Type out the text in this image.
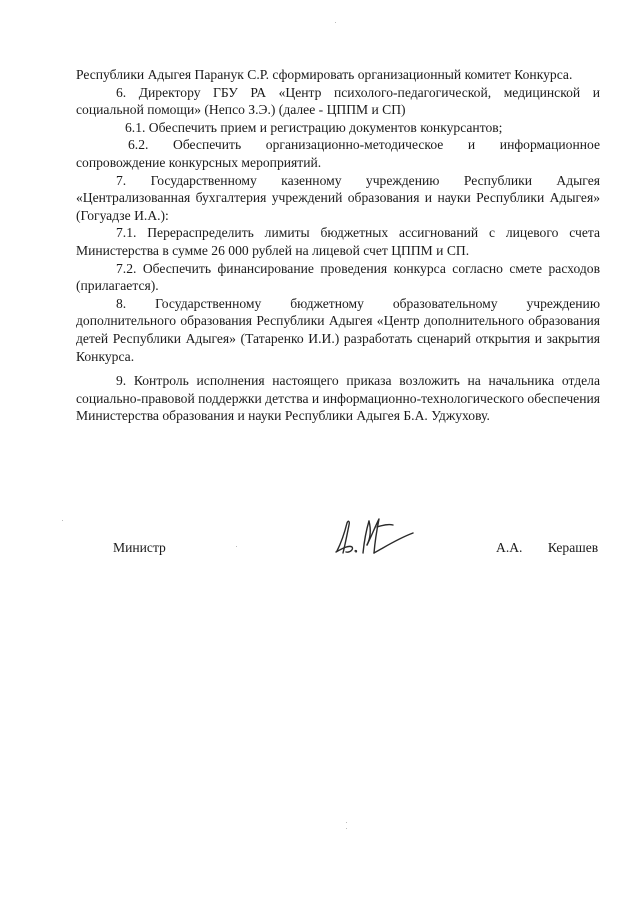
Республики Адыгея Паранук С.Р. сформировать организационный комитет Конкурса.

6. Директору ГБУ РА «Центр психолого-педагогической, медицинской и социальной помощи» (Непсо З.Э.) (далее - ЦППМ и СП)

6.1. Обеспечить прием и регистрацию документов конкурсантов;

6.2. Обеспечить организационно-методическое и информационное сопровождение конкурсных мероприятий.

7. Государственному казенному учреждению Республики Адыгея «Централизованная бухгалтерия учреждений образования и науки Республики Адыгея» (Гогуадзе И.А.):

7.1. Перераспределить лимиты бюджетных ассигнований с лицевого счета Министерства в сумме 26 000 рублей на лицевой счет ЦППМ и СП.

7.2. Обеспечить финансирование проведения конкурса согласно смете расходов (прилагается).

8. Государственному бюджетному образовательному учреждению дополнительного образования Республики Адыгея «Центр дополнительного образования детей Республики Адыгея» (Татаренко И.И.) разработать сценарий открытия и закрытия Конкурса.

9. Контроль исполнения настоящего приказа возложить на начальника отдела социально-правовой поддержки детства и информационно-технологического обеспечения Министерства образования и науки Республики Адыгея Б.А. Уджухову.

Министр	А.А. Керашев
